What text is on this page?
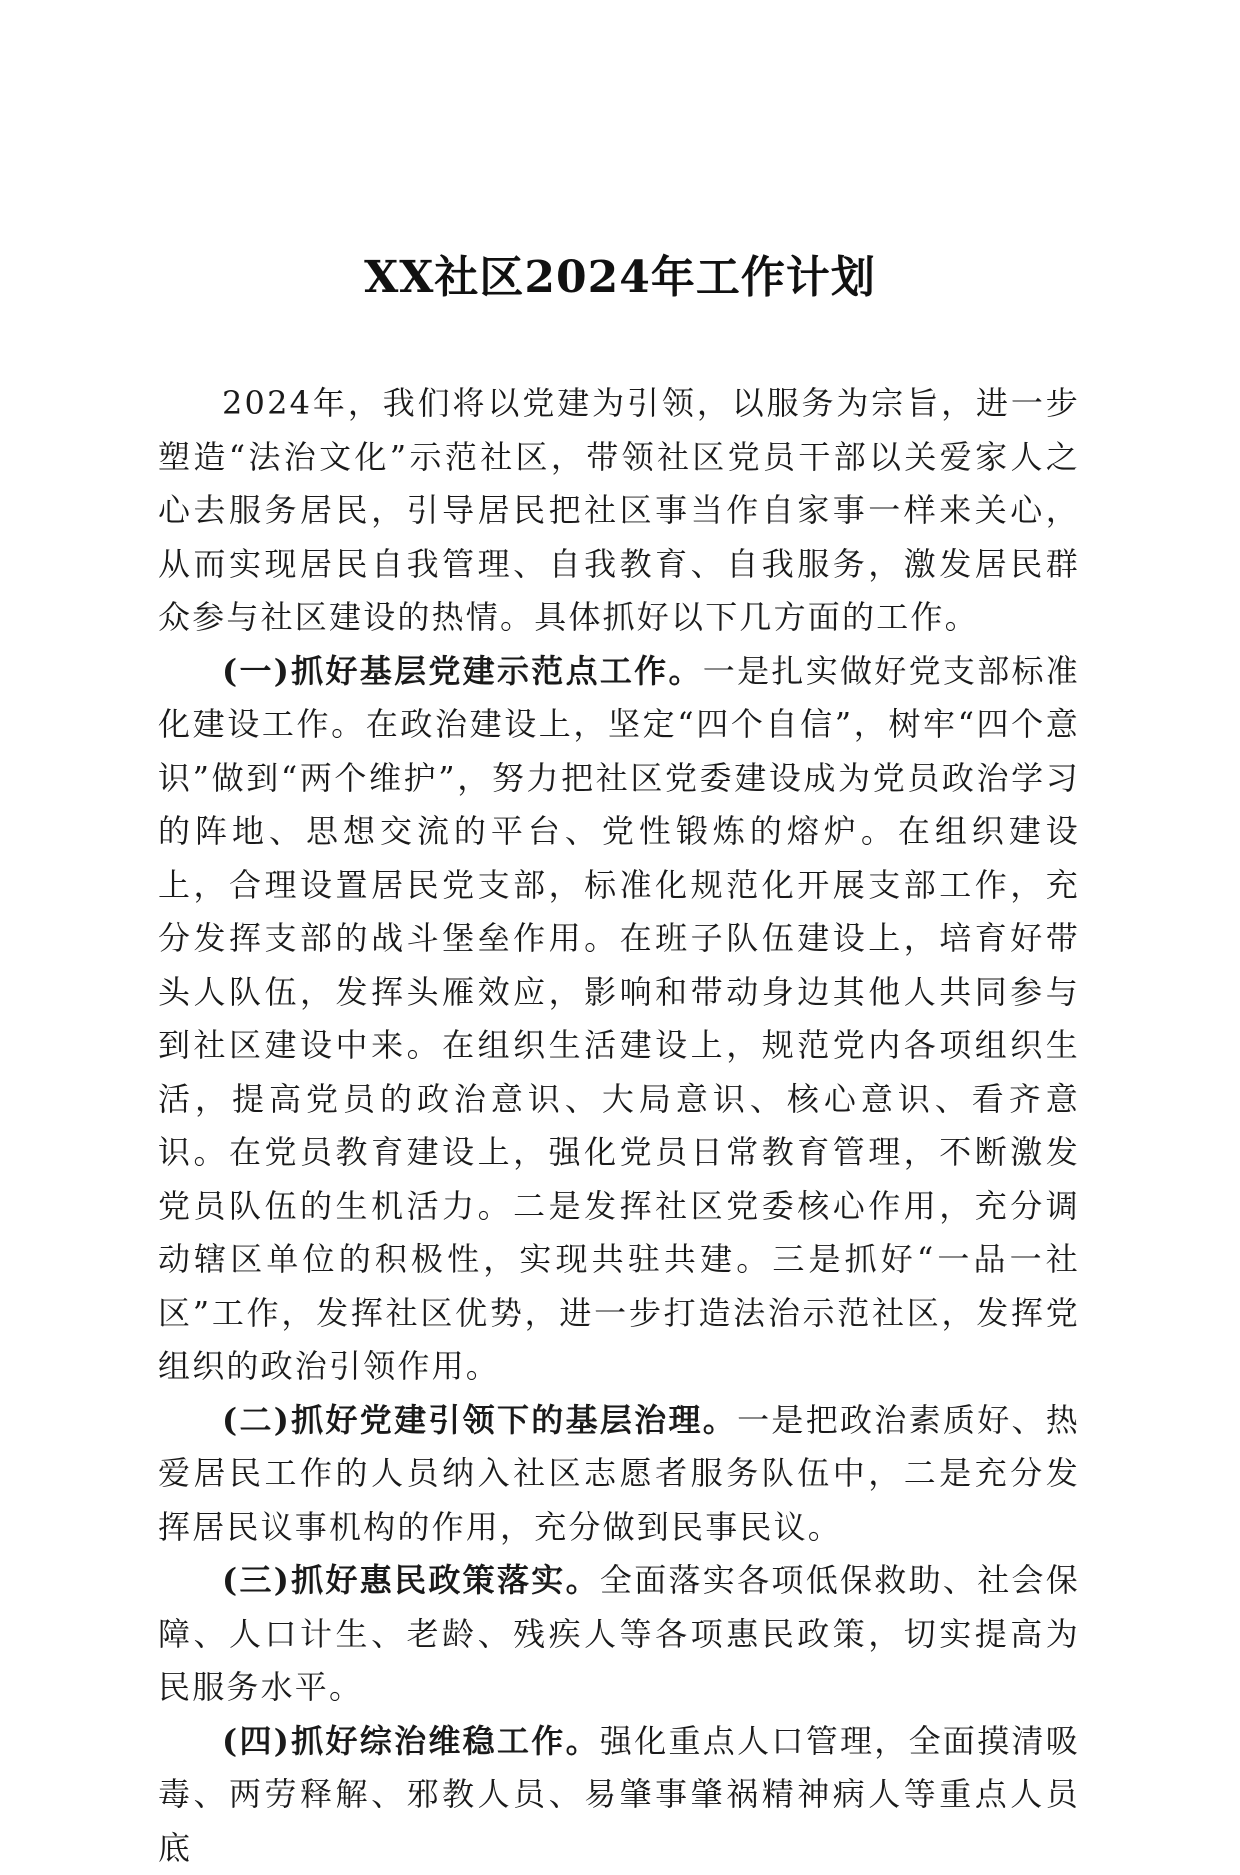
XX社区2024年工作计划

2024年，我们将以党建为引领，以服务为宗旨，进一步塑造“法治文化”示范社区，带领社区党员干部以关爱家人之心去服务居民，引导居民把社区事当作自家事一样来关心，从而实现居民自我管理、自我教育、自我服务，激发居民群众参与社区建设的热情。具体抓好以下几方面的工作。

(一)抓好基层党建示范点工作。一是扎实做好党支部标准化建设工作。在政治建设上，坚定“四个自信”，树牢“四个意识”做到“两个维护”，努力把社区党委建设成为党员政治学习的阵地、思想交流的平台、党性锻炼的熔炉。在组织建设上，合理设置居民党支部，标准化规范化开展支部工作，充分发挥支部的战斗堡垒作用。在班子队伍建设上，培育好带头人队伍，发挥头雁效应，影响和带动身边其他人共同参与到社区建设中来。在组织生活建设上，规范党内各项组织生活，提高党员的政治意识、大局意识、核心意识、看齐意识。在党员教育建设上，强化党员日常教育管理，不断激发党员队伍的生机活力。二是发挥社区党委核心作用，充分调动辖区单位的积极性，实现共驻共建。三是抓好“一品一社区”工作，发挥社区优势，进一步打造法治示范社区，发挥党组织的政治引领作用。

(二)抓好党建引领下的基层治理。一是把政治素质好、热爱居民工作的人员纳入社区志愿者服务队伍中，二是充分发挥居民议事机构的作用，充分做到民事民议。

(三)抓好惠民政策落实。全面落实各项低保救助、社会保障、人口计生、老龄、残疾人等各项惠民政策，切实提高为民服务水平。

(四)抓好综治维稳工作。强化重点人口管理，全面摸清吸毒、两劳释解、邪教人员、易肇事肇祸精神病人等重点人员底
